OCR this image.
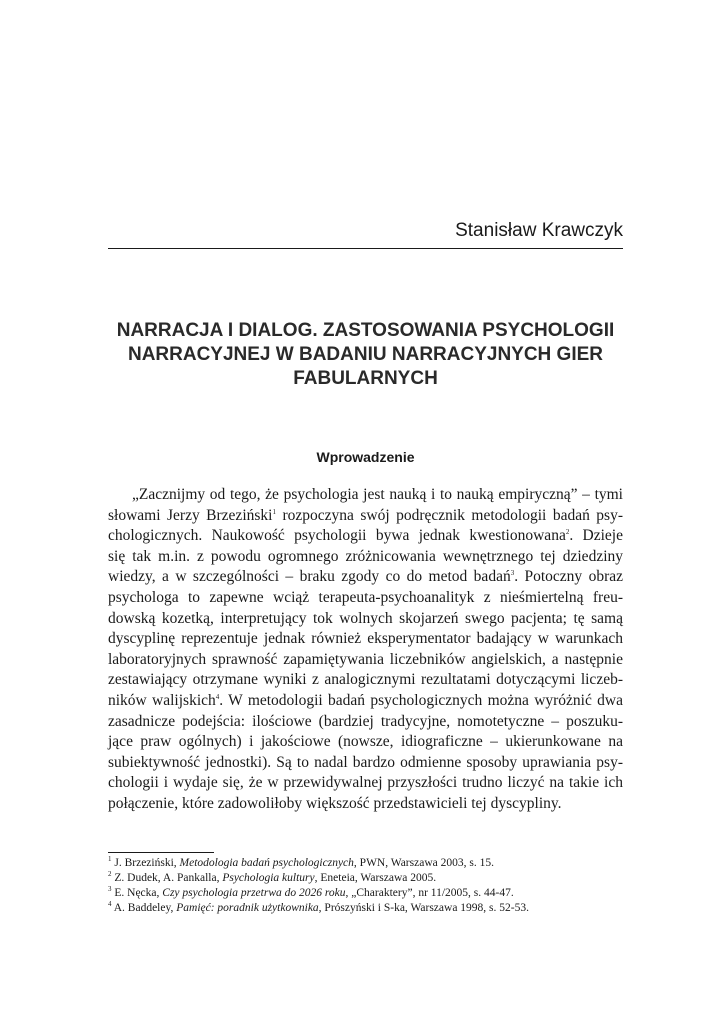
Stanisław Krawczyk
NARRACJA I DIALOG. ZASTOSOWANIA PSYCHOLOGII
NARRACYJNEJ W BADANIU NARRACYJNYCH GIER
FABULARNYCH
Wprowadzenie
„Zacznijmy od tego, że psychologia jest nauką i to nauką empiryczną” – tymi
słowami Jerzy Brzeziński$^1$ rozpoczyna swój podręcznik metodologii badań psy-
chologicznych. Naukowość psychologii bywa jednak kwestionowana$^2$. Dzieje
się tak m.in. z powodu ogromnego zróżnicowania wewnętrznego tej dziedziny
wiedzy, a w szczególności – braku zgody co do metod badań$^3$. Potoczny obraz
psychologa to zapewne wciąż terapeuta-psychoanalityk z nieśmiertelną freu-
dowską kozetką, interpretujący tok wolnych skojarzeń swego pacjenta; tę samą
dyscyplinę reprezentuje jednak również eksperymentator badający w warunkach
laboratoryjnych sprawność zapamiętywania liczebników angielskich, a następnie
zestawiający otrzymane wyniki z analogicznymi rezultatami dotyczącymi liczeb-
ników walijskich$^4$. W metodologii badań psychologicznych można wyróżnić dwa
zasadnicze podejścia: ilościowe (bardziej tradycyjne, nomotetyczne – poszuku-
jące praw ogólnych) i jakościowe (nowsze, idiograficzne – ukierunkowane na
subiektywność jednostki). Są to nadal bardzo odmienne sposoby uprawiania psy-
chologii i wydaje się, że w przewidywalnej przyszłości trudno liczyć na takie ich
połączenie, które zadowoliłoby większość przedstawicieli tej dyscypliny.
$^1$ J. Brzeziński, Metodologia badań psychologicznych, PWN, Warszawa 2003, s. 15.
$^2$ Z. Dudek, A. Pankalla, Psychologia kultury, Eneteia, Warszawa 2005.
$^3$ E. Nęcka, Czy psychologia przetrwa do 2026 roku, „Charaktery”, nr 11/2005, s. 44-47.
$^4$ A. Baddeley, Pamięć: poradnik użytkownika, Prószyński i S-ka, Warszawa 1998, s. 52-53.
